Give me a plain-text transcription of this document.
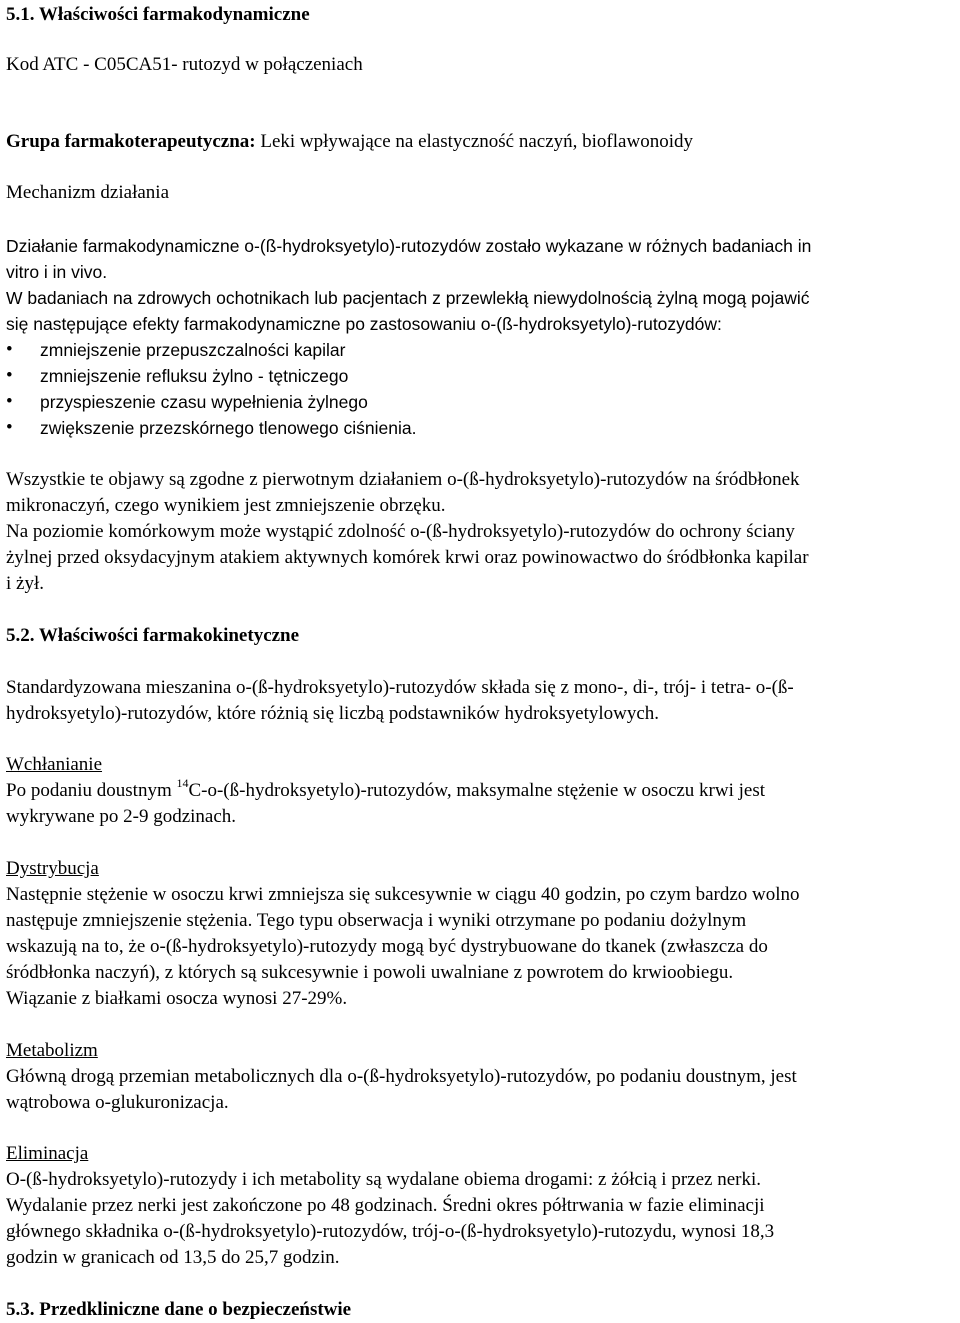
5.1. Właściwości farmakodynamiczne
Kod ATC - C05CA51- rutozyd w połączeniach
Grupa farmakoterapeutyczna: Leki wpływające na elastyczność naczyń, bioflawonoidy
Mechanizm działania
Działanie farmakodynamiczne o-(ß-hydroksyetylo)-rutozydów zostało wykazane w różnych badaniach in
vitro i in vivo.
W badaniach na zdrowych ochotnikach lub pacjentach z przewlekłą niewydolnością żylną mogą pojawić
się następujące efekty farmakodynamiczne po zastosowaniu o-(ß-hydroksyetylo)-rutozydów:
• zmniejszenie przepuszczalności kapilar
• zmniejszenie refluksu żylno - tętniczego
• przyspieszenie czasu wypełnienia żylnego
• zwiększenie przezskórnego tlenowego ciśnienia.
Wszystkie te objawy są zgodne z pierwotnym działaniem o-(ß-hydroksyetylo)-rutozydów na śródbłonek
mikronaczyń, czego wynikiem jest zmniejszenie obrzęku.
Na poziomie komórkowym może wystąpić zdolność o-(ß-hydroksyetylo)-rutozydów do ochrony ściany
żylnej przed oksydacyjnym atakiem aktywnych komórek krwi oraz powinowactwo do śródbłonka kapilar
i żył.
5.2. Właściwości farmakokinetyczne
Standardyzowana mieszanina o-(ß-hydroksyetylo)-rutozydów składa się z mono-, di-, trój- i tetra- o-(ß-
hydroksyetylo)-rutozydów, które różnią się liczbą podstawników hydroksyetylowych.
Wchłanianie
Po podaniu doustnym $^{14}$C-o-(ß-hydroksyetylo)-rutozydów, maksymalne stężenie w osoczu krwi jest
wykrywane po 2-9 godzinach.
Dystrybucja
Następnie stężenie w osoczu krwi zmniejsza się sukcesywnie w ciągu 40 godzin, po czym bardzo wolno
następuje zmniejszenie stężenia. Tego typu obserwacja i wyniki otrzymane po podaniu dożylnym
wskazują na to, że o-(ß-hydroksyetylo)-rutozydy mogą być dystrybuowane do tkanek (zwłaszcza do
śródbłonka naczyń), z których są sukcesywnie i powoli uwalniane z powrotem do krwioobiegu.
Wiązanie z białkami osocza wynosi 27-29%.
Metabolizm
Główną drogą przemian metabolicznych dla o-(ß-hydroksyetylo)-rutozydów, po podaniu doustnym, jest
wątrobowa o-glukuronizacja.
Eliminacja
O-(ß-hydroksyetylo)-rutozydy i ich metabolity są wydalane obiema drogami: z żółcią i przez nerki.
Wydalanie przez nerki jest zakończone po 48 godzinach. Średni okres półtrwania w fazie eliminacji
głównego składnika o-(ß-hydroksyetylo)-rutozydów, trój-o-(ß-hydroksyetylo)-rutozydu, wynosi 18,3
godzin w granicach od 13,5 do 25,7 godzin.
5.3. Przedkliniczne dane o bezpieczeństwie
